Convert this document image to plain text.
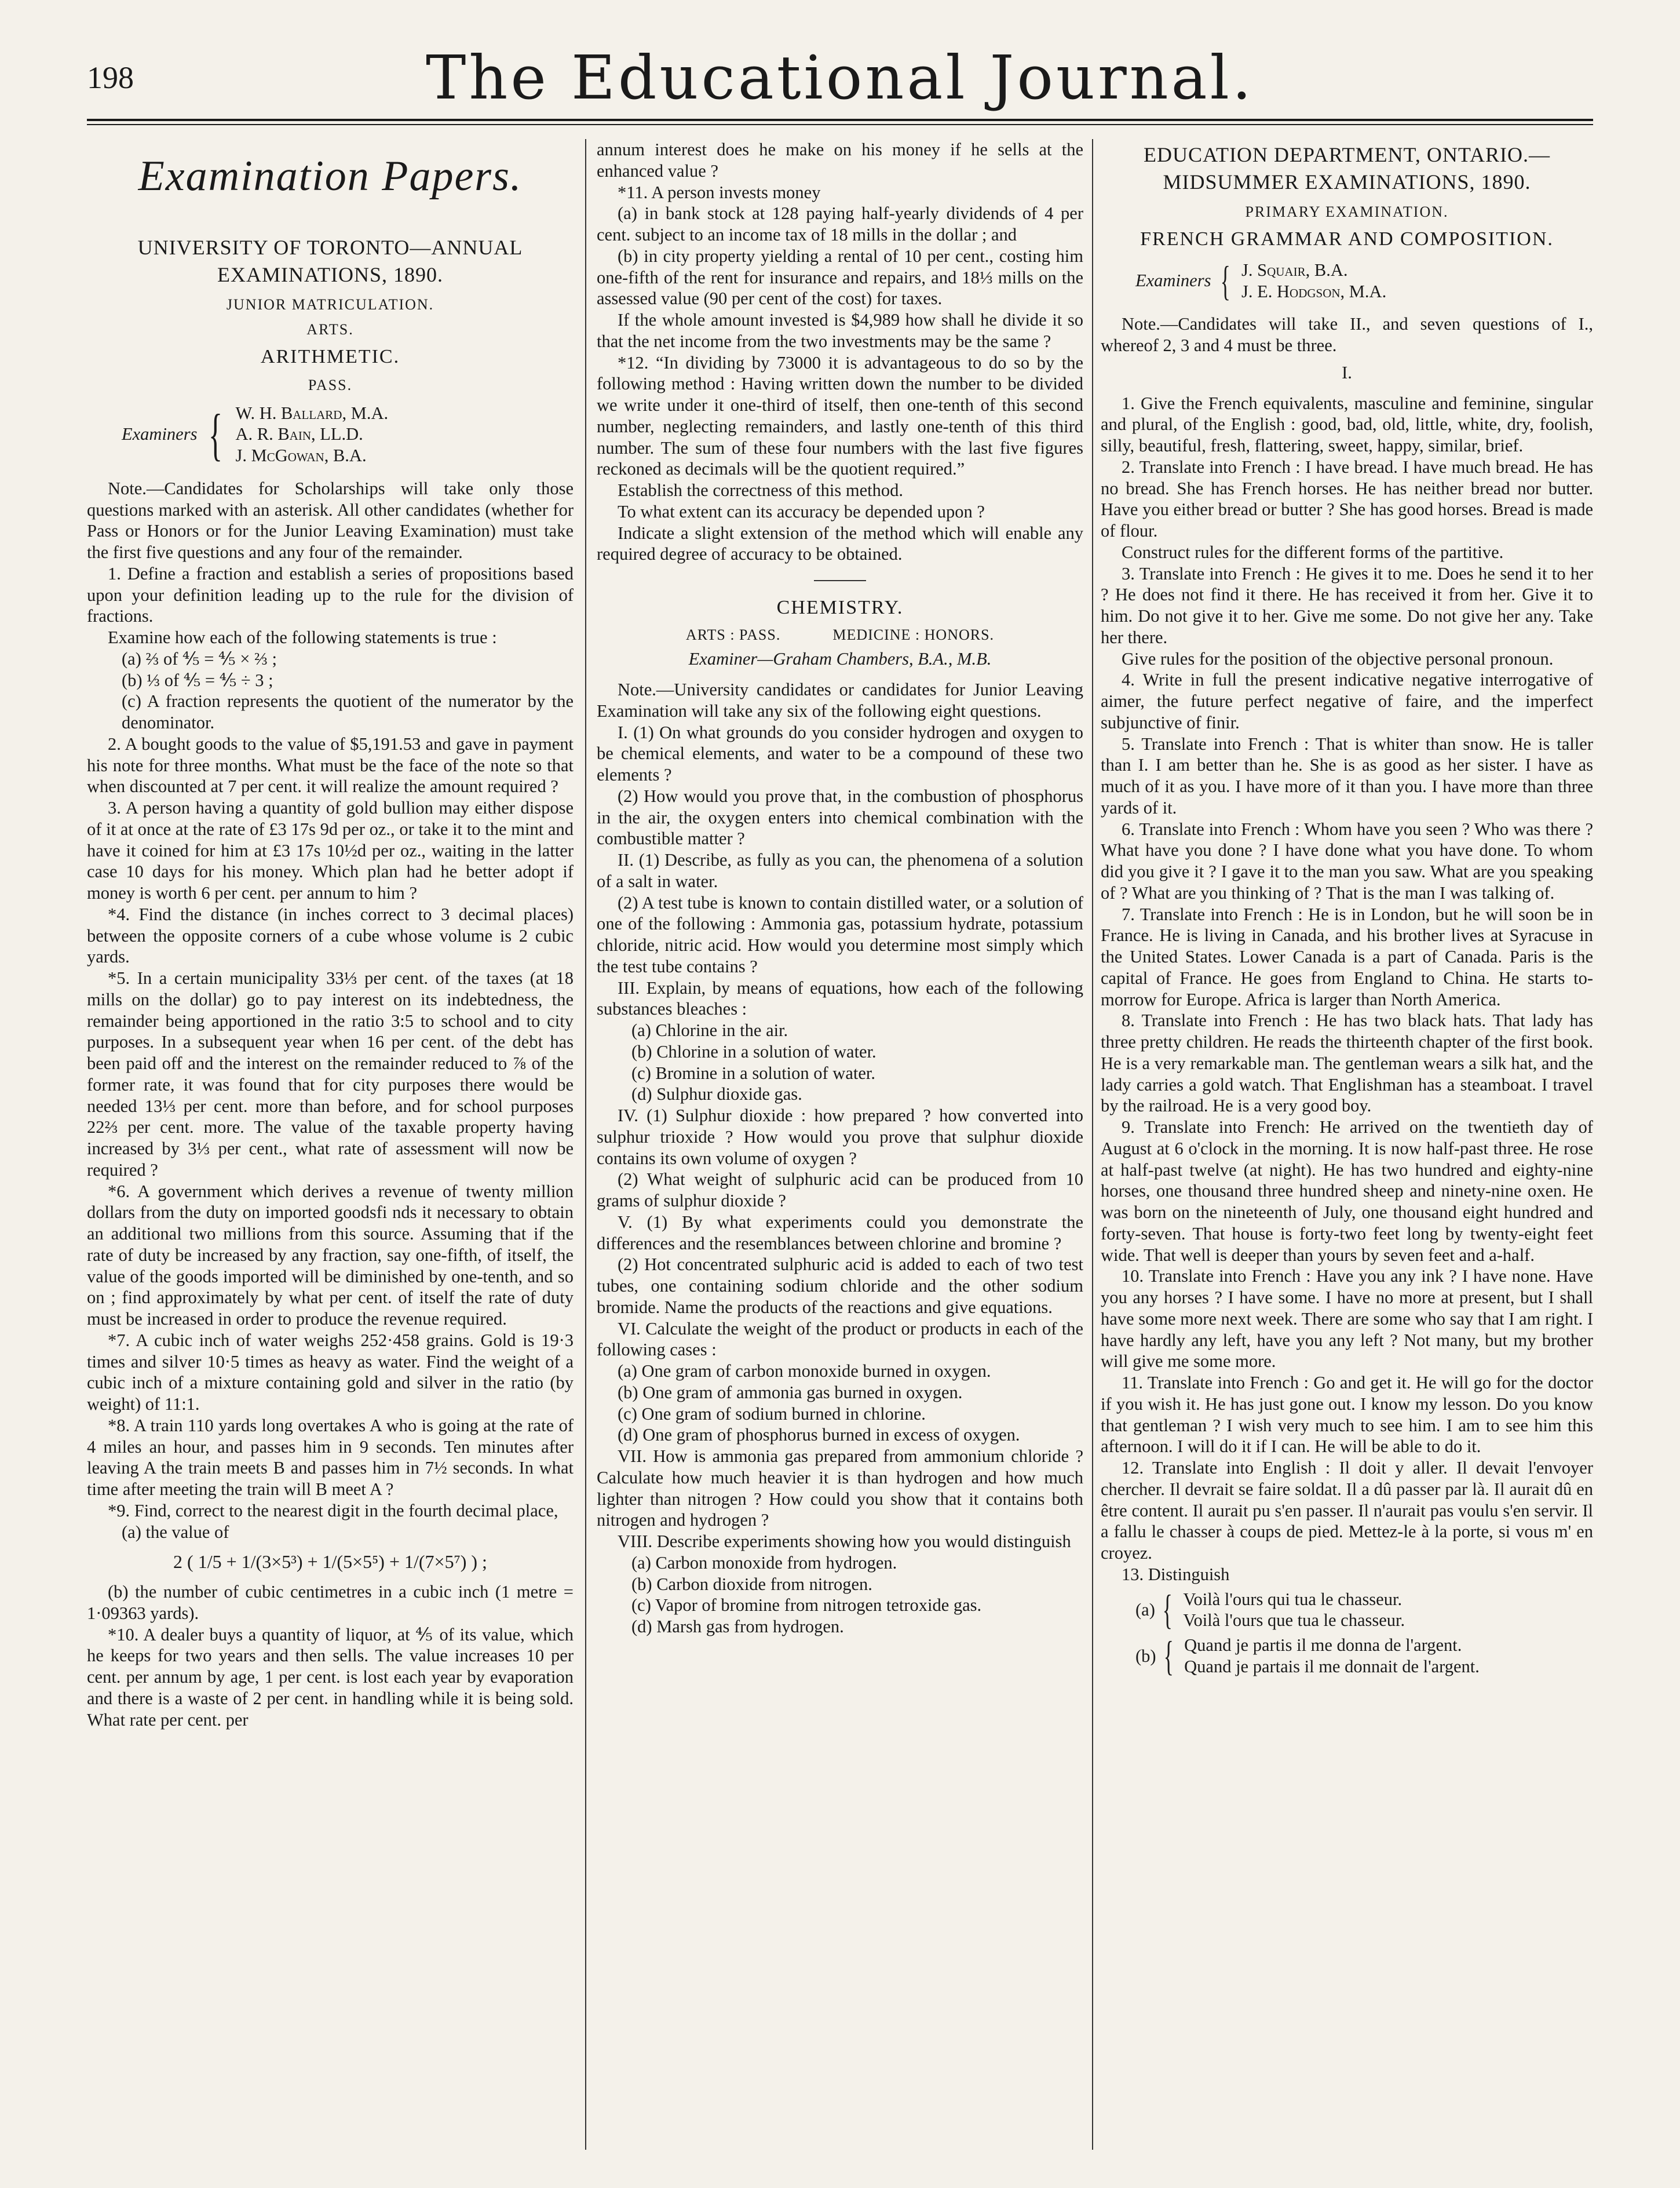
198	The Educational Journal.
Examination Papers.
UNIVERSITY OF TORONTO—ANNUAL EXAMINATIONS, 1890.
JUNIOR MATRICULATION.
ARTS.
ARITHMETIC.
PASS.
Examiners { W. H. Ballard, M.A.
A. R. Bain, LL.D.
J. McGowan, B.A.

Note.—Candidates for Scholarships will take only those questions marked with an asterisk. All other candidates (whether for Pass or Honors or for the Junior Leaving Examination) must take the first five questions and any four of the remainder.

1. Define a fraction and establish a series of propositions based upon your definition leading up to the rule for the division of fractions.

Examine how each of the following statements is true :

(a) ⅔ of ⅘ = ⅘ × ⅔ ;

(b) ⅓ of ⅘ = ⅘ ÷ 3 ;

(c) A fraction represents the quotient of the numerator by the denominator.

2. A bought goods to the value of $5,191.53 and gave in payment his note for three months. What must be the face of the note so that when discounted at 7 per cent. it will realize the amount required ?

3. A person having a quantity of gold bullion may either dispose of it at once at the rate of £3 17s 9d per oz., or take it to the mint and have it coined for him at £3 17s 10½d per oz., waiting in the latter case 10 days for his money. Which plan had he better adopt if money is worth 6 per cent. per annum to him ?

*4. Find the distance (in inches correct to 3 decimal places) between the opposite corners of a cube whose volume is 2 cubic yards.

*5. In a certain municipality 33⅓ per cent. of the taxes (at 18 mills on the dollar) go to pay interest on its indebtedness, the remainder being apportioned in the ratio 3:5 to school and to city purposes. In a subsequent year when 16 per cent. of the debt has been paid off and the interest on the remainder reduced to ⅞ of the former rate, it was found that for city purposes there would be needed 13⅓ per cent. more than before, and for school purposes 22⅔ per cent. more. The value of the taxable property having increased by 3⅓ per cent., what rate of assessment will now be required ?

*6. A government which derives a revenue of twenty million dollars from the duty on imported goodsfi nds it necessary to obtain an additional two millions from this source. Assuming that if the rate of duty be increased by any fraction, say one-fifth, of itself, the value of the goods imported will be diminished by one-tenth, and so on ; find approximately by what per cent. of itself the rate of duty must be increased in order to produce the revenue required.

*7. A cubic inch of water weighs 252·458 grains. Gold is 19·3 times and silver 10·5 times as heavy as water. Find the weight of a cubic inch of a mixture containing gold and silver in the ratio (by weight) of 11:1.

*8. A train 110 yards long overtakes A who is going at the rate of 4 miles an hour, and passes him in 9 seconds. Ten minutes after leaving A the train meets B and passes him in 7½ seconds. In what time after meeting the train will B meet A ?

*9. Find, correct to the nearest digit in the fourth decimal place,

(a) the value of

2 ( 1/5 + 1/(3×5³) + 1/(5×5⁵) + 1/(7×5⁷) ) ;

(b) the number of cubic centimetres in a cubic inch (1 metre = 1·09363 yards).

*10. A dealer buys a quantity of liquor, at ⅘ of its value, which he keeps for two years and then sells. The value increases 10 per cent. per annum by age, 1 per cent. is lost each year by evaporation and there is a waste of 2 per cent. in handling while it is being sold. What rate per cent. per

annum interest does he make on his money if he sells at the enhanced value ?

*11. A person invests money

(a) in bank stock at 128 paying half-yearly dividends of 4 per cent. subject to an income tax of 18 mills in the dollar ; and

(b) in city property yielding a rental of 10 per cent., costing him one-fifth of the rent for insurance and repairs, and 18⅓ mills on the assessed value (90 per cent of the cost) for taxes.

If the whole amount invested is $4,989 how shall he divide it so that the net income from the two investments may be the same ?

*12. “In dividing by 73000 it is advantageous to do so by the following method : Having written down the number to be divided we write under it one-third of itself, then one-tenth of this second number, neglecting remainders, and lastly one-tenth of this third number. The sum of these four numbers with the last five figures reckoned as decimals will be the quotient required.”

Establish the correctness of this method.

To what extent can its accuracy be depended upon ?

Indicate a slight extension of the method which will enable any required degree of accuracy to be obtained.

CHEMISTRY.
ARTS : PASS.	MEDICINE : HONORS.
Examiner—Graham Chambers, B.A., M.B.

Note.—University candidates or candidates for Junior Leaving Examination will take any six of the following eight questions.

I. (1) On what grounds do you consider hydrogen and oxygen to be chemical elements, and water to be a compound of these two elements ?

(2) How would you prove that, in the combustion of phosphorus in the air, the oxygen enters into chemical combination with the combustible matter ?

II. (1) Describe, as fully as you can, the phenomena of a solution of a salt in water.

(2) A test tube is known to contain distilled water, or a solution of one of the following : Ammonia gas, potassium hydrate, potassium chloride, nitric acid. How would you determine most simply which the test tube contains ?

III. Explain, by means of equations, how each of the following substances bleaches :

(a) Chlorine in the air.

(b) Chlorine in a solution of water.

(c) Bromine in a solution of water.

(d) Sulphur dioxide gas.

IV. (1) Sulphur dioxide : how prepared ? how converted into sulphur trioxide ? How would you prove that sulphur dioxide contains its own volume of oxygen ?

(2) What weight of sulphuric acid can be produced from 10 grams of sulphur dioxide ?

V. (1) By what experiments could you demonstrate the differences and the resemblances between chlorine and bromine ?

(2) Hot concentrated sulphuric acid is added to each of two test tubes, one containing sodium chloride and the other sodium bromide. Name the products of the reactions and give equations.

VI. Calculate the weight of the product or products in each of the following cases :

(a) One gram of carbon monoxide burned in oxygen.

(b) One gram of ammonia gas burned in oxygen.

(c) One gram of sodium burned in chlorine.

(d) One gram of phosphorus burned in excess of oxygen.

VII. How is ammonia gas prepared from ammonium chloride ? Calculate how much heavier it is than hydrogen and how much lighter than nitrogen ? How could you show that it contains both nitrogen and hydrogen ?

VIII. Describe experiments showing how you would distinguish

(a) Carbon monoxide from hydrogen.

(b) Carbon dioxide from nitrogen.

(c) Vapor of bromine from nitrogen tetroxide gas.

(d) Marsh gas from hydrogen.

EDUCATION DEPARTMENT, ONTARIO.— MIDSUMMER EXAMINATIONS, 1890.
PRIMARY EXAMINATION.
FRENCH GRAMMAR AND COMPOSITION.
Examiners { J. Squair, B.A.
J. E. Hodgson, M.A.

Note.—Candidates will take II., and seven questions of I., whereof 2, 3 and 4 must be three.

I.

1. Give the French equivalents, masculine and feminine, singular and plural, of the English : good, bad, old, little, white, dry, foolish, silly, beautiful, fresh, flattering, sweet, happy, similar, brief.

2. Translate into French : I have bread. I have much bread. He has no bread. She has French horses. He has neither bread nor butter. Have you either bread or butter ? She has good horses. Bread is made of flour.

Construct rules for the different forms of the partitive.

3. Translate into French : He gives it to me. Does he send it to her ? He does not find it there. He has received it from her. Give it to him. Do not give it to her. Give me some. Do not give her any. Take her there.

Give rules for the position of the objective personal pronoun.

4. Write in full the present indicative negative interrogative of aimer, the future perfect negative of faire, and the imperfect subjunctive of finir.

5. Translate into French : That is whiter than snow. He is taller than I. I am better than he. She is as good as her sister. I have as much of it as you. I have more of it than you. I have more than three yards of it.

6. Translate into French : Whom have you seen ? Who was there ? What have you done ? I have done what you have done. To whom did you give it ? I gave it to the man you saw. What are you speaking of ? What are you thinking of ? That is the man I was talking of.

7. Translate into French : He is in London, but he will soon be in France. He is living in Canada, and his brother lives at Syracuse in the United States. Lower Canada is a part of Canada. Paris is the capital of France. He goes from England to China. He starts to-morrow for Europe. Africa is larger than North America.

8. Translate into French : He has two black hats. That lady has three pretty children. He reads the thirteenth chapter of the first book. He is a very remarkable man. The gentleman wears a silk hat, and the lady carries a gold watch. That Englishman has a steamboat. I travel by the railroad. He is a very good boy.

9. Translate into French: He arrived on the twentieth day of August at 6 o'clock in the morning. It is now half-past three. He rose at half-past twelve (at night). He has two hundred and eighty-nine horses, one thousand three hundred sheep and ninety-nine oxen. He was born on the nineteenth of July, one thousand eight hundred and forty-seven. That house is forty-two feet long by twenty-eight feet wide. That well is deeper than yours by seven feet and a-half.

10. Translate into French : Have you any ink ? I have none. Have you any horses ? I have some. I have no more at present, but I shall have some more next week. There are some who say that I am right. I have hardly any left, have you any left ? Not many, but my brother will give me some more.

11. Translate into French : Go and get it. He will go for the doctor if you wish it. He has just gone out. I know my lesson. Do you know that gentleman ? I wish very much to see him. I am to see him this afternoon. I will do it if I can. He will be able to do it.

12. Translate into English : Il doit y aller. Il devait l'envoyer chercher. Il devrait se faire soldat. Il a dû passer par là. Il aurait dû en être content. Il aurait pu s'en passer. Il n'aurait pas voulu s'en servir. Il a fallu le chasser à coups de pied. Mettez-le à la porte, si vous m' en croyez.

13. Distinguish

(a) { Voilà l'ours qui tua le chasseur.
Voilà l'ours que tua le chasseur.
(b) { Quand je partis il me donna de l'argent.
Quand je partais il me donnait de l'argent.
